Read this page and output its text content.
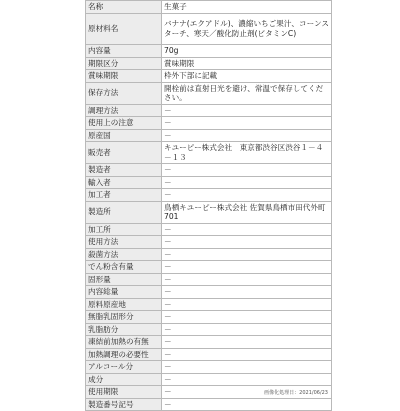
名称	生菓子
原材料名	バナナ(エクアドル)、濃縮いちご果汁、コーンスターチ、寒天／酸化防止剤(ビタミンC)
内容量	70g
期限区分	賞味期限
賞味期限	枠外下部に記載
保存方法	開栓前は直射日光を避け、常温で保存してください。
調理方法	－
使用上の注意	－
原産国	－
販売者	キユーピー株式会社　東京都渋谷区渋谷１－４－１３
製造者	－
輸入者	－
加工者	－
製造所	鳥栖キユーピー株式会社 佐賀県鳥栖市田代外町701
加工所	－
使用方法	－
殺菌方法	－
でん粉含有量	－
固形量	－
内容総量	－
原料原産地	－
無脂乳固形分	－
乳脂肪分	－
凍結前加熱の有無	－
加熱調理の必要性	－
アルコール分	－
成分	－
使用期限	－
製造番号記号	－
画像化処理日：2021/06/23
